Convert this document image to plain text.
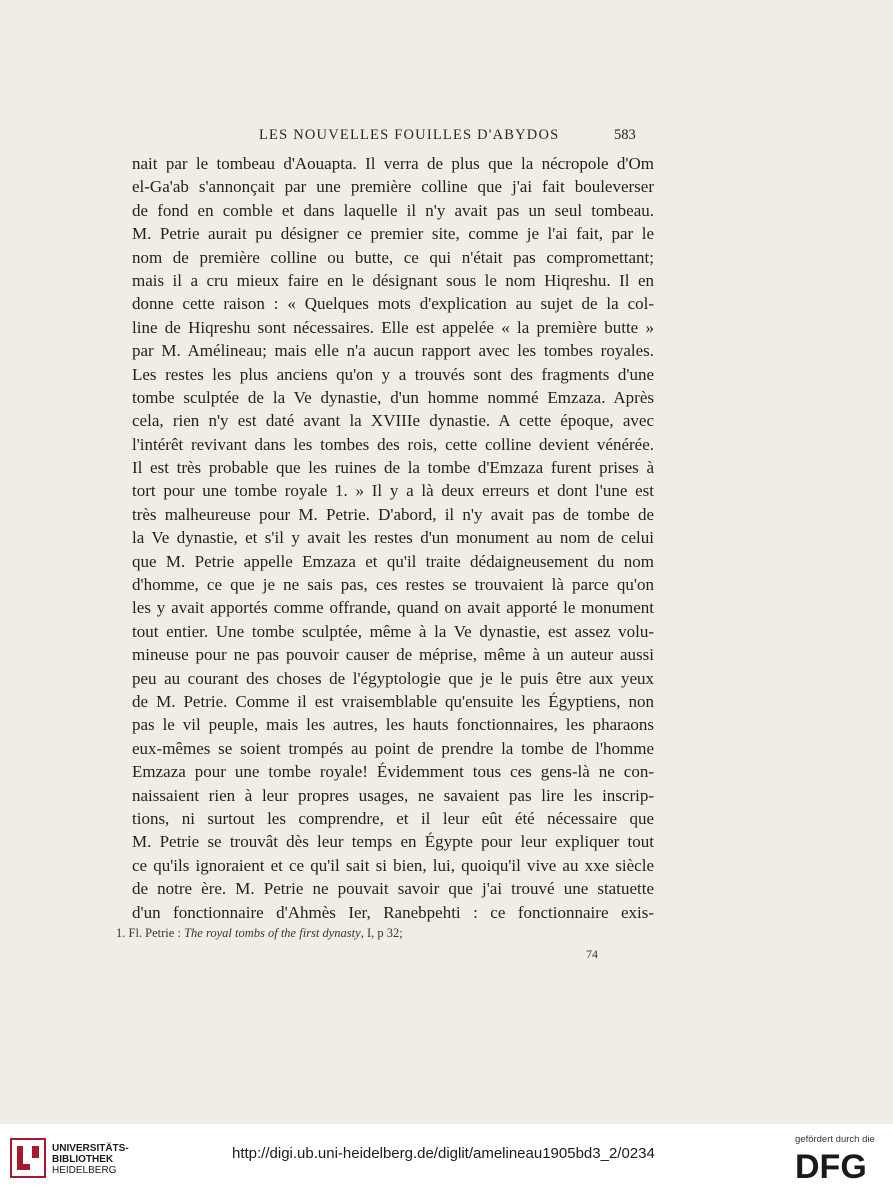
LES NOUVELLES FOUILLES D'ABYDOS	583
nait par le tombeau d'Aouapta. Il verra de plus que la nécropole d'Om
el-Ga'ab s'annonçait par une première colline que j'ai fait bouleverser
de fond en comble et dans laquelle il n'y avait pas un seul tombeau.
M. Petrie aurait pu désigner ce premier site, comme je l'ai fait, par le
nom de première colline ou butte, ce qui n'était pas compromettant;
mais il a cru mieux faire en le désignant sous le nom Hiqreshu. Il en
donne cette raison : « Quelques mots d'explication au sujet de la col-
line de Hiqreshu sont nécessaires. Elle est appelée « la première butte »
par M. Amélineau; mais elle n'a aucun rapport avec les tombes royales.
Les restes les plus anciens qu'on y a trouvés sont des fragments d'une
tombe sculptée de la Ve dynastie, d'un homme nommé Emzaza. Après
cela, rien n'y est daté avant la XVIIIe dynastie. A cette époque, avec
l'intérêt revivant dans les tombes des rois, cette colline devient vénérée.
Il est très probable que les ruines de la tombe d'Emzaza furent prises à
tort pour une tombe royale 1. » Il y a là deux erreurs et dont l'une est
très malheureuse pour M. Petrie. D'abord, il n'y avait pas de tombe de
la Ve dynastie, et s'il y avait les restes d'un monument au nom de celui
que M. Petrie appelle Emzaza et qu'il traite dédaigneusement du nom
d'homme, ce que je ne sais pas, ces restes se trouvaient là parce qu'on
les y avait apportés comme offrande, quand on avait apporté le monument
tout entier. Une tombe sculptée, même à la Ve dynastie, est assez volu-
mineuse pour ne pas pouvoir causer de méprise, même à un auteur aussi
peu au courant des choses de l'égyptologie que je le puis être aux yeux
de M. Petrie. Comme il est vraisemblable qu'ensuite les Égyptiens, non
pas le vil peuple, mais les autres, les hauts fonctionnaires, les pharaons
eux-mêmes se soient trompés au point de prendre la tombe de l'homme
Emzaza pour une tombe royale! Évidemment tous ces gens-là ne con-
naissaient rien à leur propres usages, ne savaient pas lire les inscrip-
tions, ni surtout les comprendre, et il leur eût été nécessaire que
M. Petrie se trouvât dès leur temps en Égypte pour leur expliquer tout
ce qu'ils ignoraient et ce qu'il sait si bien, lui, quoiqu'il vive au xxe siècle
de notre ère. M. Petrie ne pouvait savoir que j'ai trouvé une statuette
d'un fonctionnaire d'Ahmès Ier, Ranebpehti : ce fonctionnaire exis-
1. Fl. Petrie : The royal tombs of the first dynasty, I, p 32;
74
UNIVERSITÄTS-
BIBLIOTHEK
HEIDELBERG
http://digi.ub.uni-heidelberg.de/diglit/amelineau1905bd3_2/0234
gefördert durch die
DFG
